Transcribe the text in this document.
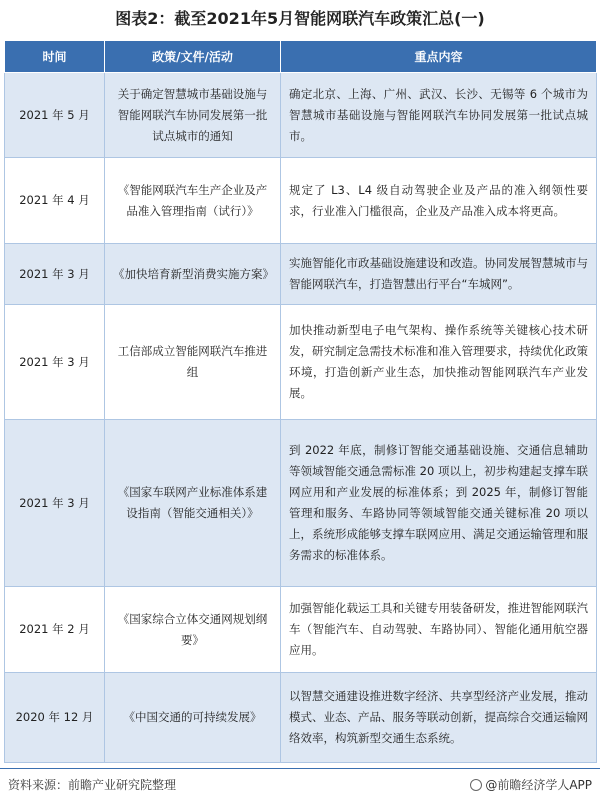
图表2：截至2021年5月智能网联汽车政策汇总(一)
时间	政策/文件/活动	重点内容
2021 年 5 月	关于确定智慧城市基础设施与智能网联汽车协同发展第一批试点城市的通知	确定北京、上海、广州、武汉、长沙、无锡等 6 个城市为智慧城市基础设施与智能网联汽车协同发展第一批试点城市。
2021 年 4 月	《智能网联汽车生产企业及产品准入管理指南（试行）》	规定了 L3、L4 级自动驾驶企业及产品的准入纲领性要求，行业准入门槛很高，企业及产品准入成本将更高。
2021 年 3 月	《加快培育新型消费实施方案》	实施智能化市政基础设施建设和改造。协同发展智慧城市与智能网联汽车，打造智慧出行平台“车城网”。
2021 年 3 月	工信部成立智能网联汽车推进组	加快推动新型电子电气架构、操作系统等关键核心技术研发，研究制定急需技术标准和准入管理要求，持续优化政策环境，打造创新产业生态，加快推动智能网联汽车产业发展。
2021 年 3 月	《国家车联网产业标准体系建设指南（智能交通相关）》	到 2022 年底，制修订智能交通基础设施、交通信息辅助等领域智能交通急需标准 20 项以上，初步构建起支撑车联网应用和产业发展的标准体系；到 2025 年，制修订智能管理和服务、车路协同等领域智能交通关键标准 20 项以上，系统形成能够支撑车联网应用、满足交通运输管理和服务需求的标准体系。
2021 年 2 月	《国家综合立体交通网规划纲要》	加强智能化载运工具和关键专用装备研发，推进智能网联汽车（智能汽车、自动驾驶、车路协同）、智能化通用航空器应用。
2020 年 12 月	《中国交通的可持续发展》	以智慧交通建设推进数字经济、共享型经济产业发展，推动模式、业态、产品、服务等联动创新，提高综合交通运输网络效率，构筑新型交通生态系统。
资料来源：前瞻产业研究院整理	@前瞻经济学人APP
